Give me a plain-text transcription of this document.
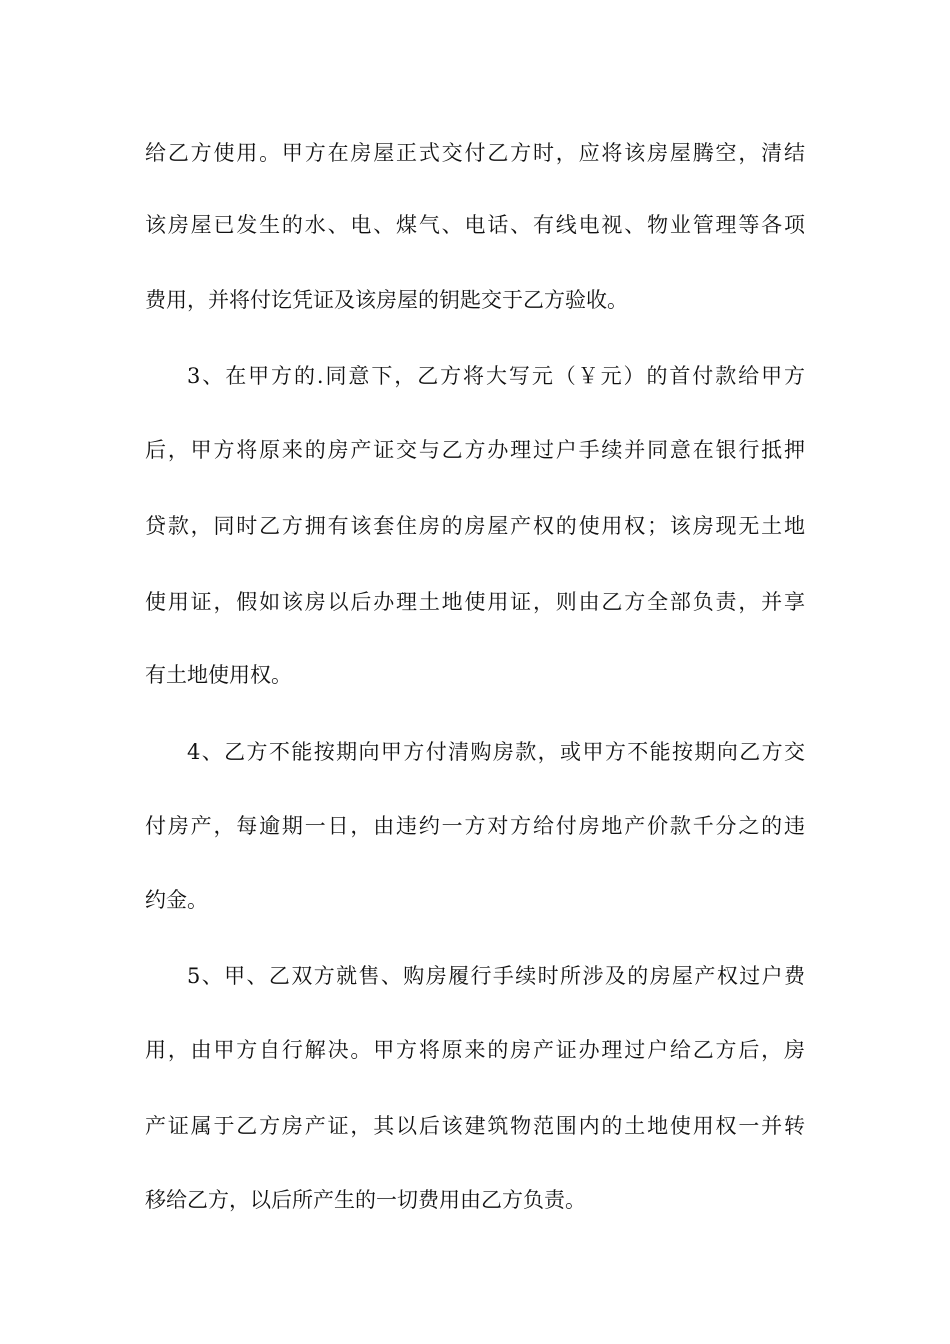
给乙方使用。甲方在房屋正式交付乙方时，应将该房屋腾空，清结
该房屋已发生的水、电、煤气、电话、有线电视、物业管理等各项
费用，并将付讫凭证及该房屋的钥匙交于乙方验收。
3、在甲方的.同意下，乙方将大写元（￥元）的首付款给甲方
后，甲方将原来的房产证交与乙方办理过户手续并同意在银行抵押
贷款，同时乙方拥有该套住房的房屋产权的使用权；该房现无土地
使用证，假如该房以后办理土地使用证，则由乙方全部负责，并享
有土地使用权。
4、乙方不能按期向甲方付清购房款，或甲方不能按期向乙方交
付房产，每逾期一日，由违约一方对方给付房地产价款千分之的违
约金。
5、甲、乙双方就售、购房履行手续时所涉及的房屋产权过户费
用，由甲方自行解决。甲方将原来的房产证办理过户给乙方后，房
产证属于乙方房产证，其以后该建筑物范围内的土地使用权一并转
移给乙方，以后所产生的一切费用由乙方负责。
